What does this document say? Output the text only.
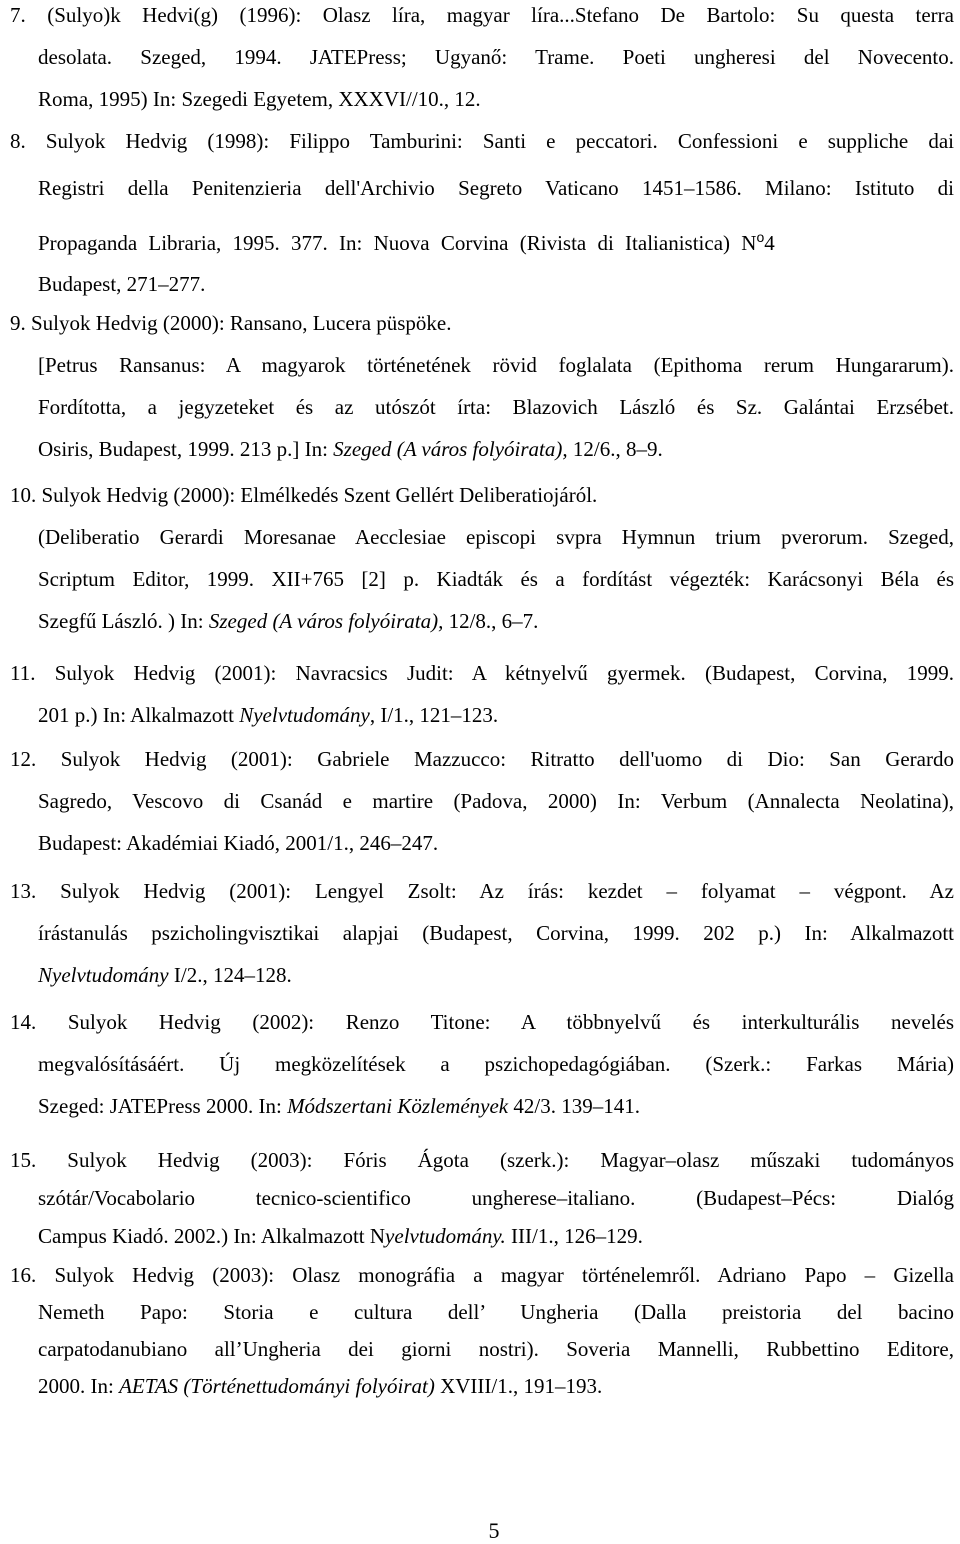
7. (Sulyo)k Hedvi(g) (1996): Olasz líra, magyar líra...Stefano De Bartolo: Su questa terra
desolata. Szeged, 1994. JATEPress; Ugyanő: Trame. Poeti ungheresi del Novecento.
Roma, 1995) In: Szegedi Egyetem, XXXVI//10., 12.
8. Sulyok Hedvig (1998): Filippo Tamburini: Santi e peccatori. Confessioni e suppliche dai
Registri della Penitenzieria dell'Archivio Segreto Vaticano 1451–1586. Milano: Istituto di
Propaganda Libraria, 1995. 377. In: Nuova Corvina (Rivista di Italianistica) $N^o4$
Budapest, 271–277.
9. Sulyok Hedvig (2000): Ransano, Lucera püspöke.
[Petrus Ransanus: A magyarok történetének rövid foglalata (Epithoma rerum Hungararum).
Fordította, a jegyzeteket és az utószót írta: Blazovich László és Sz. Galántai Erzsébet.
Osiris, Budapest, 1999. 213 p.] In: Szeged (A város folyóirata), 12/6., 8–9.
10. Sulyok Hedvig (2000): Elmélkedés Szent Gellért Deliberatiojáról.
(Deliberatio Gerardi Moresanae Aecclesiae episcopi svpra Hymnun trium pverorum. Szeged,
Scriptum Editor, 1999. XII+765 [2] p. Kiadták és a fordítást végezték: Karácsonyi Béla és
Szegfű László. ) In: Szeged (A város folyóirata), 12/8., 6–7.
11. Sulyok Hedvig (2001): Navracsics Judit: A kétnyelvű gyermek. (Budapest, Corvina, 1999.
201 p.) In: Alkalmazott Nyelvtudomány, I/1., 121–123.
12. Sulyok Hedvig (2001): Gabriele Mazzucco: Ritratto dell'uomo di Dio: San Gerardo
Sagredo, Vescovo di Csanád e martire (Padova, 2000) In: Verbum (Annalecta Neolatina),
Budapest: Akadémiai Kiadó, 2001/1., 246–247.
13. Sulyok Hedvig (2001): Lengyel Zsolt: Az írás: kezdet – folyamat – végpont. Az
írástanulás pszicholingvisztikai alapjai (Budapest, Corvina, 1999. 202 p.) In: Alkalmazott
Nyelvtudomány I/2., 124–128.
14. Sulyok Hedvig (2002): Renzo Titone: A többnyelvű és interkulturális nevelés
megvalósításáért. Új megközelítések a pszichopedagógiában. (Szerk.: Farkas Mária)
Szeged: JATEPress 2000. In: Módszertani Közlemények 42/3. 139–141.
15. Sulyok Hedvig (2003): Fóris Ágota (szerk.): Magyar–olasz műszaki tudományos
szótár/Vocabolario tecnico-scientifico ungherese–italiano. (Budapest–Pécs: Dialóg
Campus Kiadó. 2002.) In: Alkalmazott Nyelvtudomány. III/1., 126–129.
16. Sulyok Hedvig (2003): Olasz monográfia a magyar történelemről. Adriano Papo – Gizella
Nemeth Papo: Storia e cultura dell’ Ungheria (Dalla preistoria del bacino
carpatodanubiano all’Ungheria dei giorni nostri). Soveria Mannelli, Rubbettino Editore,
2000. In: AETAS (Történettudományi folyóirat) XVIII/1., 191–193.
5
